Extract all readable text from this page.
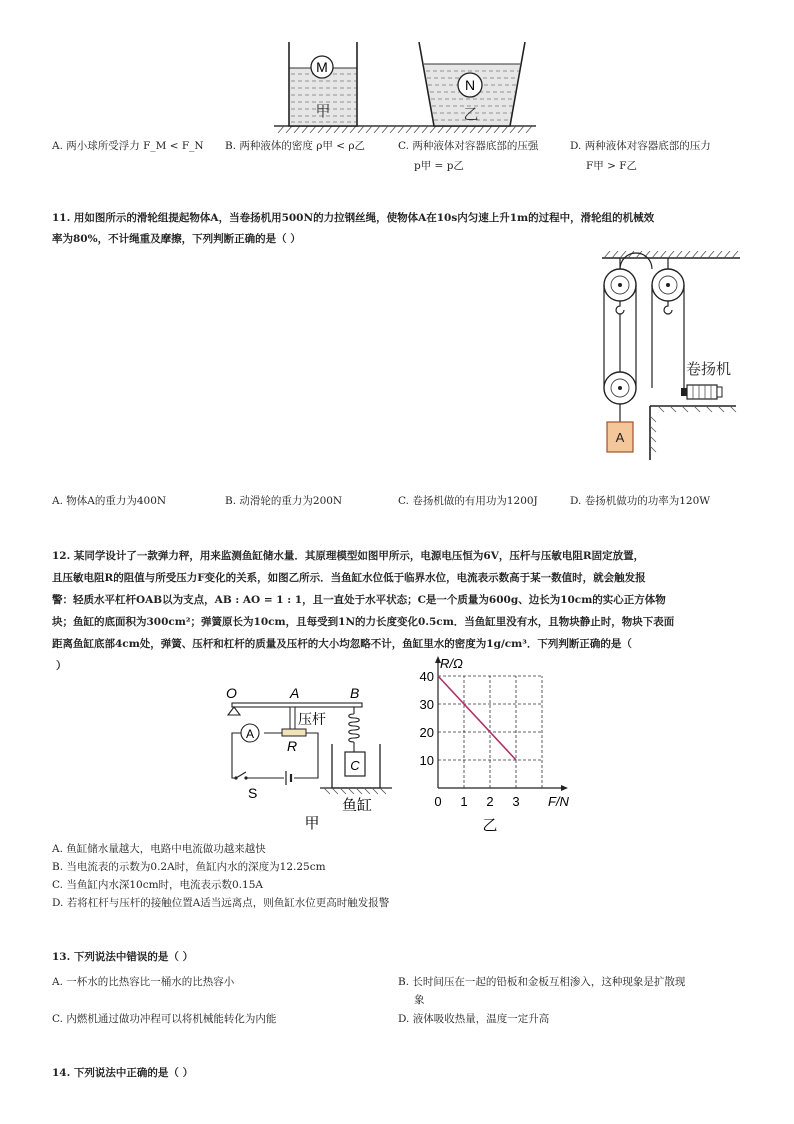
M
甲
N
乙
A. 两小球所受浮力 F_M < F_N B. 两种液体的密度 ρ甲 < ρ乙	C. 两种液体对容器底部的压强
p甲 = p乙
D. 两种液体对容器底部的压力
F甲 > F乙
11. 用如图所示的滑轮组提起物体A，当卷扬机用500N的力拉钢丝绳，使物体A在10s内匀速上升1m的过程中，滑轮组的机械效
率为80%，不计绳重及摩擦，下列判断正确的是（ ）
A
卷扬机
A. 物体A的重力为400N	B. 动滑轮的重力为200N	C. 卷扬机做的有用功为1200J	D. 卷扬机做功的功率为120W
12. 某同学设计了一款弹力秤，用来监测鱼缸储水量．其原理模型如图甲所示，电源电压恒为6V，压杆与压敏电阻R固定放置，
且压敏电阻R的阻值与所受压力F变化的关系，如图乙所示．当鱼缸水位低于临界水位，电流表示数高于某一数值时，就会触发报
警：轻质水平杠杆OAB以为支点，AB : AO = 1 : 1，且一直处于水平状态；C是一个质量为600g、边长为10cm的实心正方体物
块；鱼缸的底面积为300cm²；弹簧原长为10cm，且每受到1N的力长度变化0.5cm．当鱼缸里没有水，且物块静止时，物块下表面
距离鱼缸底部4cm处，弹簧、压杆和杠杆的质量及压杆的大小均忽略不计，鱼缸里水的密度为1g/cm³．下列判断正确的是（
）
O	A	B
压杆
R
A
S
C
鱼缸
甲
0 1 2 3
10
20
30
40
R/Ω
F/N
乙
A. 鱼缸储水量越大，电路中电流做功越来越快
B. 当电流表的示数为0.2A时，鱼缸内水的深度为12.25cm
C. 当鱼缸内水深10cm时，电流表示数0.15A
D. 若将杠杆与压杆的接触位置A适当远离点，则鱼缸水位更高时触发报警
13. 下列说法中错误的是（ ）
A. 一杯水的比热容比一桶水的比热容小	B. 长时间压在一起的铅板和金板互相渗入，这种现象是扩散现
象
C. 内燃机通过做功冲程可以将机械能转化为内能	D. 液体吸收热量，温度一定升高
14. 下列说法中正确的是（ ）
